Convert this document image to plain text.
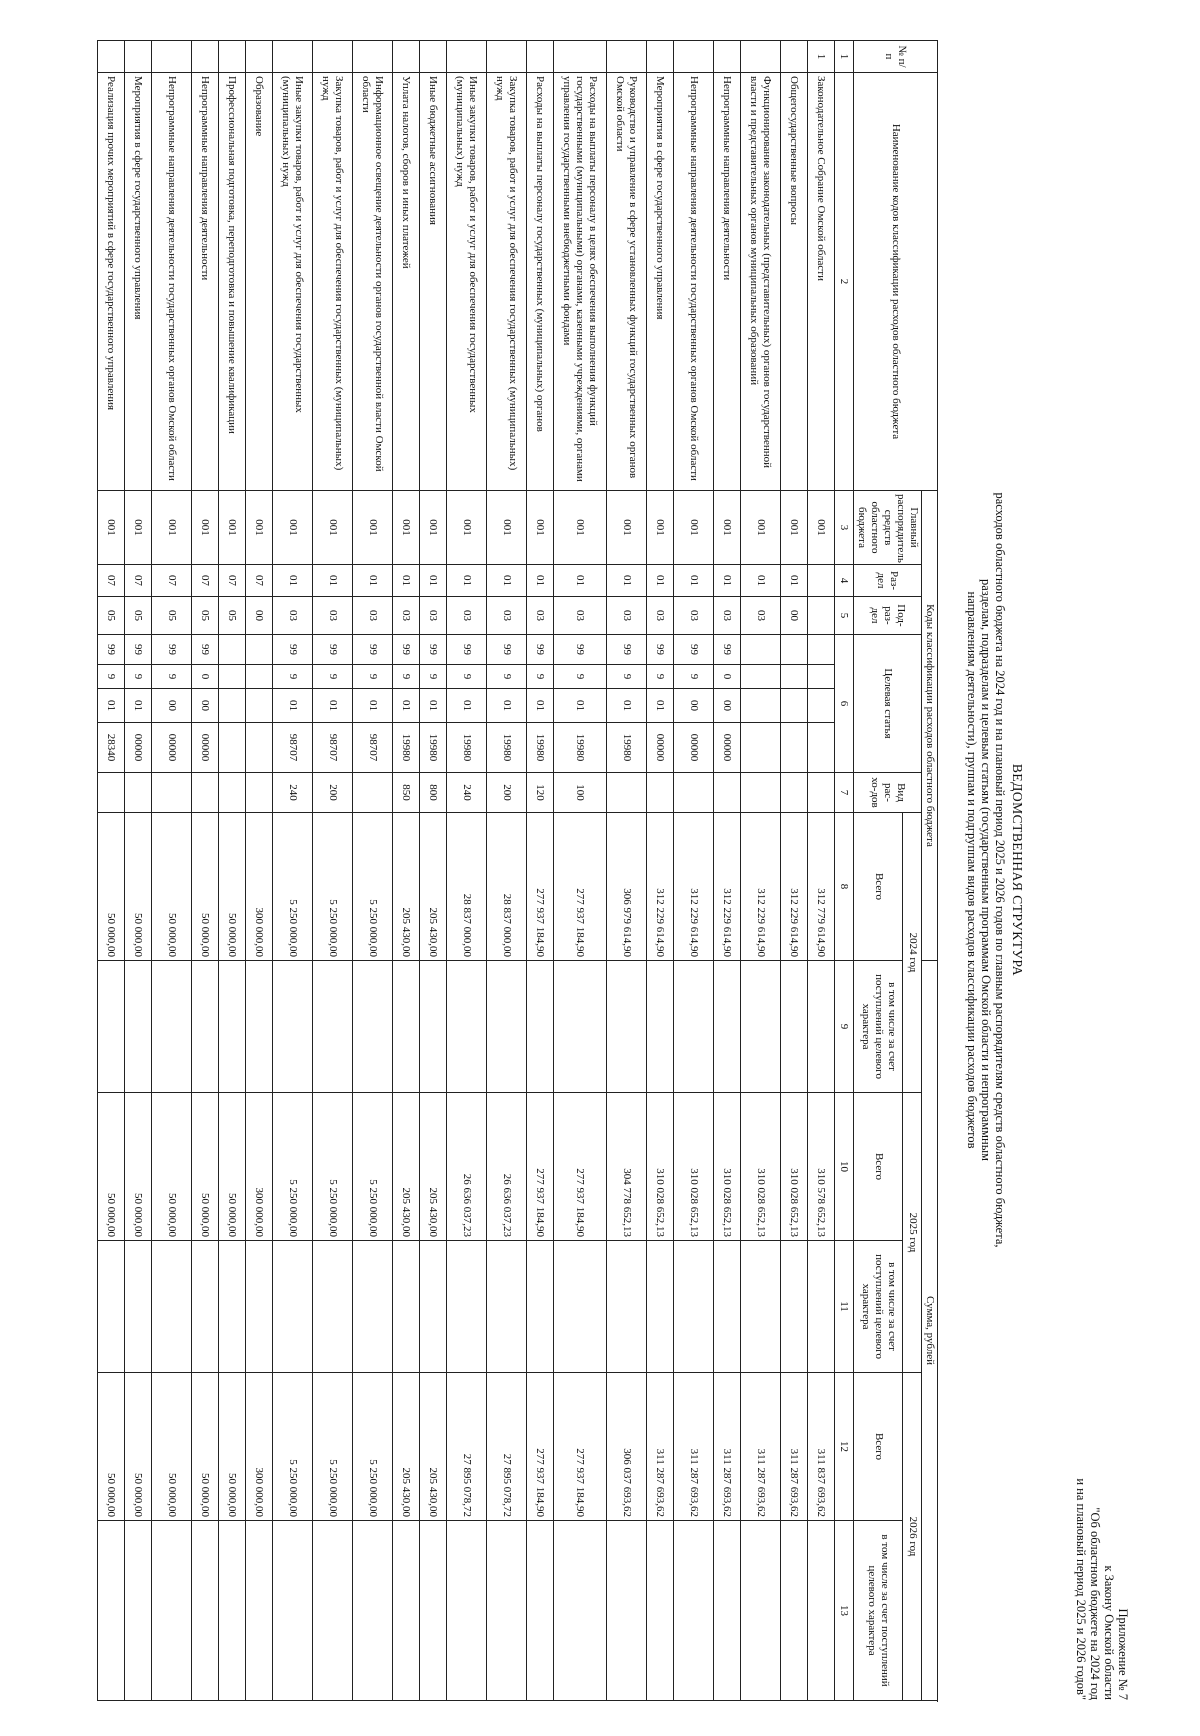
Приложение № 7
к Закону Омской области
"Об областном бюджете на 2024 год
и на плановый период 2025 и 2026 годов"
ВЕДОМСТВЕННАЯ СТРУКТУРА
расходов областного бюджета на 2024 год и на плановый период 2025 и 2026 годов по главным распорядителям средств областного бюджета,
разделам, подразделам и целевым статьям (государственным программам Омской области и непрограммным
направлениям деятельности), группам и подгруппам видов расходов классификации расходов бюджетов
№ п/п	Наименование кодов классификации расходов областного бюджета	Коды классификации расходов областного бюджета									Сумма, рублей				
		Главный распорядитель средств областного бюджета	Раз-дел	Под-раз-дел	Целевая статья				Вид рас-хо-дов	2024 год		2025 год		2026 год	
										Всего	в том числе за счет поступлений целевого характера	Всего	в том числе за счет поступлений целевого характера	Всего	в том числе за счет поступлений целевого характера
1	2	3	4	5	6				7	8	9	10	11	12	13
1	Законодательное Собрание Омской области	001								312 779 614,90		310 578 652,13		311 837 693,62	
	Общегосударственные вопросы	001	01	00						312 229 614,90		310 028 652,13		311 287 693,62	
	Функционирование законодательных (представительных) органов государственной власти и представительных органов муниципальных образований	001	01	03						312 229 614,90		310 028 652,13		311 287 693,62	
	Непрограммные направления деятельности	001	01	03	99	0	00	00000		312 229 614,90		310 028 652,13		311 287 693,62	
	Непрограммные направления деятельности государственных органов Омской области	001	01	03	99	9	00	00000		312 229 614,90		310 028 652,13		311 287 693,62	
	Мероприятия в сфере государственного управления	001	01	03	99	9	01	00000		312 229 614,90		310 028 652,13		311 287 693,62	
	Руководство и управление в сфере установленных функций государственных органов Омской области	001	01	03	99	9	01	19980		306 979 614,90		304 778 652,13		306 037 693,62	
	Расходы на выплаты персоналу в целях обеспечения выполнения функций государственными (муниципальными) органами, казенными учреждениями, органами управления государственными внебюджетными фондами	001	01	03	99	9	01	19980	100	277 937 184,90		277 937 184,90		277 937 184,90	
	Расходы на выплаты персоналу государственных (муниципальных) органов	001	01	03	99	9	01	19980	120	277 937 184,90		277 937 184,90		277 937 184,90	
	Закупка товаров, работ и услуг для обеспечения государственных (муниципальных) нужд	001	01	03	99	9	01	19980	200	28 837 000,00		26 636 037,23		27 895 078,72	
	Иные закупки товаров, работ и услуг для обеспечения государственных (муниципальных) нужд	001	01	03	99	9	01	19980	240	28 837 000,00		26 636 037,23		27 895 078,72	
	Иные бюджетные ассигнования	001	01	03	99	9	01	19980	800	205 430,00		205 430,00		205 430,00	
	Уплата налогов, сборов и иных платежей	001	01	03	99	9	01	19980	850	205 430,00		205 430,00		205 430,00	
	Информационное освещение деятельности органов государственной власти Омской области	001	01	03	99	9	01	98707		5 250 000,00		5 250 000,00		5 250 000,00	
	Закупка товаров, работ и услуг для обеспечения государственных (муниципальных) нужд	001	01	03	99	9	01	98707	200	5 250 000,00		5 250 000,00		5 250 000,00	
	Иные закупки товаров, работ и услуг для обеспечения государственных (муниципальных) нужд	001	01	03	99	9	01	98707	240	5 250 000,00		5 250 000,00		5 250 000,00	
	Образование	001	07	00						300 000,00		300 000,00		300 000,00	
	Профессиональная подготовка, переподготовка и повышение квалификации	001	07	05						50 000,00		50 000,00		50 000,00	
	Непрограммные направления деятельности	001	07	05	99	0	00	00000		50 000,00		50 000,00		50 000,00	
	Непрограммные направления деятельности государственных органов Омской области	001	07	05	99	9	00	00000		50 000,00		50 000,00		50 000,00	
	Мероприятия в сфере государственного управления	001	07	05	99	9	01	00000		50 000,00		50 000,00		50 000,00	
	Реализация прочих мероприятий в сфере государственного управления	001	07	05	99	9	01	28340		50 000,00		50 000,00		50 000,00	
